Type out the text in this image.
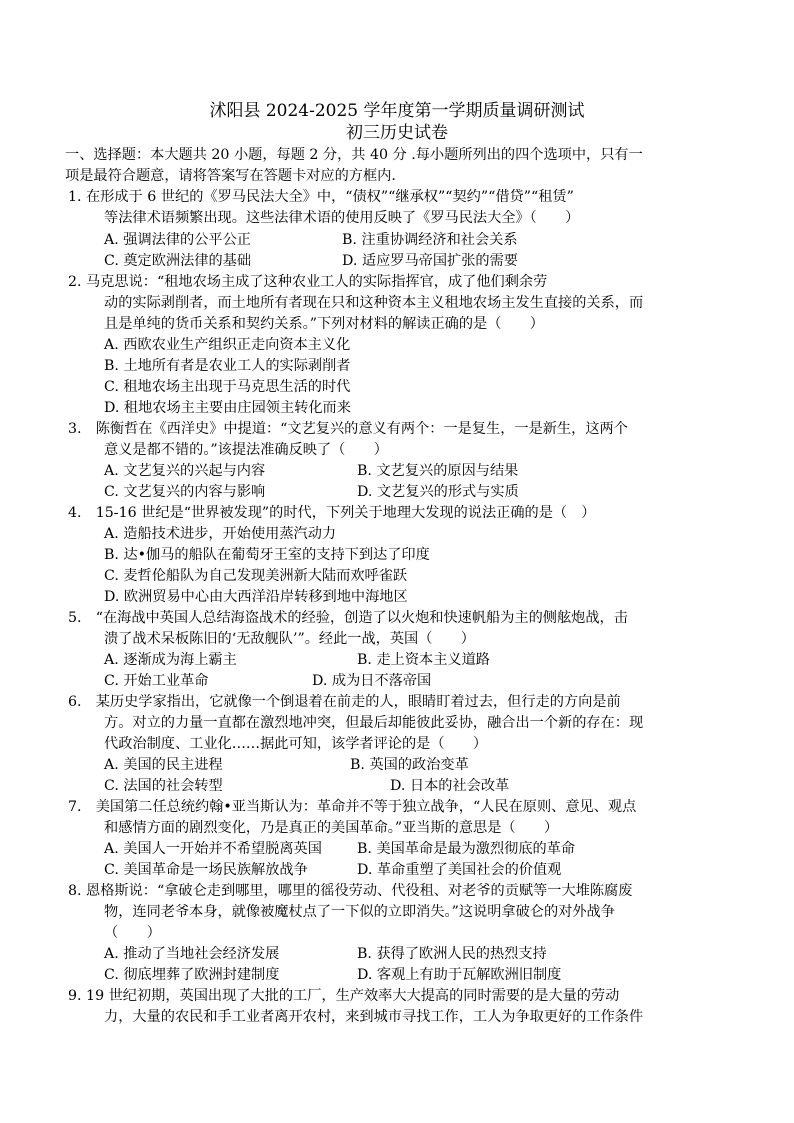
沭阳县 2024-2025 学年度第一学期质量调研测试
初三历史试卷
一、选择题：本大题共 20 小题，每题 2 分，共 40 分 .每小题所列出的四个选项中，只有一
项是最符合题意，请将答案写在答题卡对应的方框内.
1. 在形成于 6 世纪的《罗马民法大全》中，“债权”“继承权”“契约”“借贷”“租赁”
等法律术语频繁出现。这些法律术语的使用反映了《罗马民法大全》（　　）
A. 强调法律的公平公正	B. 注重协调经济和社会关系
C. 奠定欧洲法律的基础	D. 适应罗马帝国扩张的需要
2. 马克思说：“租地农场主成了这种农业工人的实际指挥官，成了他们剩余劳
动的实际剥削者，而土地所有者现在只和这种资本主义租地农场主发生直接的关系，而
且是单纯的货币关系和契约关系。”下列对材料的解读正确的是（　　）
A. 西欧农业生产组织正走向资本主义化
B. 土地所有者是农业工人的实际剥削者
C. 租地农场主出现于马克思生活的时代
D. 租地农场主主要由庄园领主转化而来
3.　陈衡哲在《西洋史》中提道：“文艺复兴的意义有两个：一是复生，一是新生，这两个
意义是都不错的。”该提法准确反映了（　　）
A. 文艺复兴的兴起与内容	B. 文艺复兴的原因与结果
C. 文艺复兴的内容与影响	D. 文艺复兴的形式与实质
4.　15-16 世纪是“世界被发现”的时代，下列关于地理大发现的说法正确的是（　）
A. 造船技术进步，开始使用蒸汽动力
B. 达•伽马的船队在葡萄牙王室的支持下到达了印度
C. 麦哲伦船队为自己发现美洲新大陆而欢呼雀跃
D. 欧洲贸易中心由大西洋沿岸转移到地中海地区
5.　“在海战中英国人总结海盗战术的经验，创造了以火炮和快速帆船为主的侧舷炮战，击
溃了战术呆板陈旧的‘无敌舰队’”。经此一战，英国（　　）
A. 逐渐成为海上霸主	B. 走上资本主义道路
C. 开始工业革命	D. 成为日不落帝国
6.　某历史学家指出，它就像一个倒退着在前走的人，眼睛盯着过去，但行走的方向是前
方。对立的力量一直都在激烈地冲突，但最后却能彼此妥协，融合出一个新的存在：现
代政治制度、工业化……据此可知，该学者评论的是（　　）
A. 美国的民主进程	B. 英国的政治变革
C. 法国的社会转型	D. 日本的社会改革
7.　美国第二任总统约翰•亚当斯认为：革命并不等于独立战争，“人民在原则、意见、观点
和感情方面的剧烈变化，乃是真正的美国革命。”亚当斯的意思是（　　）
A. 美国人一开始并不希望脱离英国 B. 美国革命是最为激烈彻底的革命
C. 美国革命是一场民族解放战争	D. 革命重塑了美国社会的价值观
8. 恩格斯说：“拿破仑走到哪里，哪里的徭役劳动、代役租、对老爷的贡赋等一大堆陈腐废
物，连同老爷本身，就像被魔杖点了一下似的立即消失。”这说明拿破仑的对外战争
（　　）
A. 推动了当地社会经济发展	B. 获得了欧洲人民的热烈支持
C. 彻底埋葬了欧洲封建制度	D. 客观上有助于瓦解欧洲旧制度
9. 19 世纪初期，英国出现了大批的工厂，生产效率大大提高的同时需要的是大量的劳动
力，大量的农民和手工业者离开农村，来到城市寻找工作，工人为争取更好的工作条件
